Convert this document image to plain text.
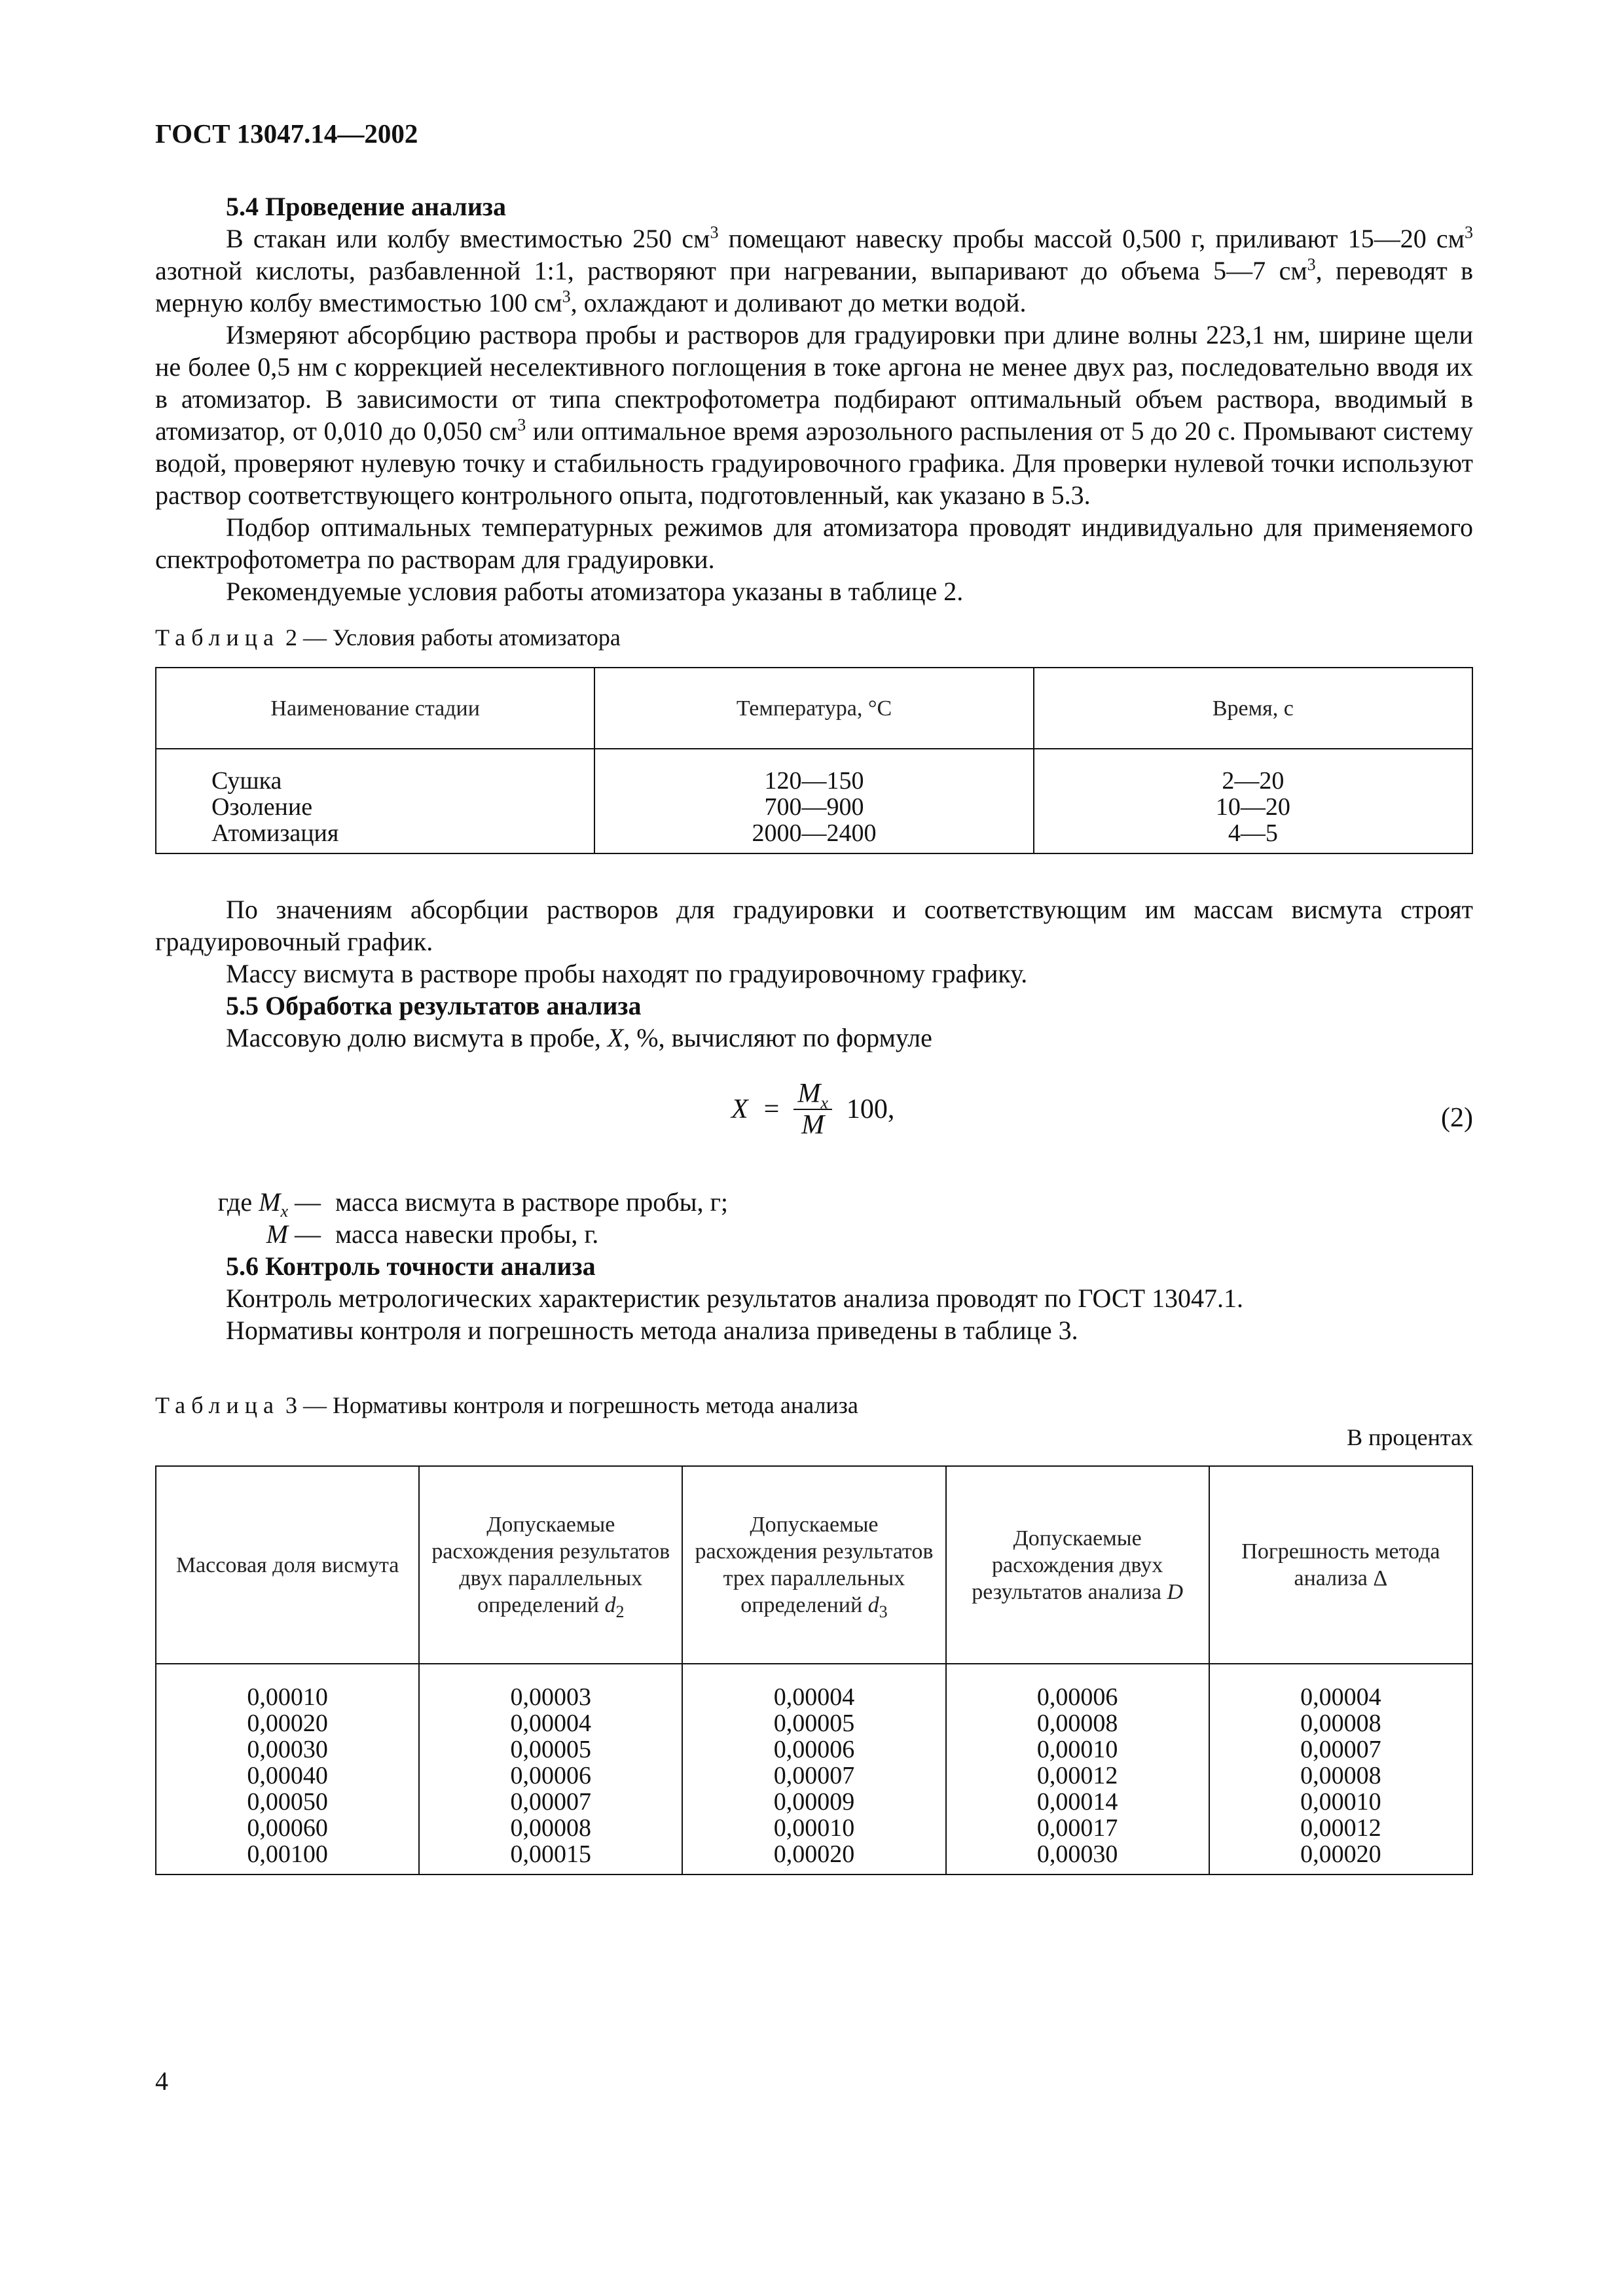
ГОСТ 13047.14—2002

5.4 Проведение анализа

В стакан или колбу вместимостью 250 $см^3$ помещают навеску пробы массой 0,500 г, приливают 15—20 $см^3$ азотной кислоты, разбавленной 1:1, растворяют при нагревании, выпаривают до объема 5—7 $см^3$, переводят в мерную колбу вместимостью 100 $см^3$, охлаждают и доливают до метки водой.

Измеряют абсорбцию раствора пробы и растворов для градуировки при длине волны 223,1 нм, ширине щели не более 0,5 нм с коррекцией неселективного поглощения в токе аргона не менее двух раз, последовательно вводя их в атомизатор. В зависимости от типа спектрофотометра подбирают оптимальный объем раствора, вводимый в атомизатор, от 0,010 до 0,050 $см^3$ или оптимальное время аэрозольного распыления от 5 до 20 с. Промывают систему водой, проверяют нулевую точку и стабильность градуировочного графика. Для проверки нулевой точки используют раствор соответствующего контрольного опыта, подготовленный, как указано в 5.3.

Подбор оптимальных температурных режимов для атомизатора проводят индивидуально для применяемого спектрофотометра по растворам для градуировки.

Рекомендуемые условия работы атомизатора указаны в таблице 2.

Таблица 2 — Условия работы атомизатора
Наименование стадии	Температура, °С	Время, с
Сушка	120—150	2—20
Озоление	700—900	10—20
Атомизация	2000—2400	4—5

По значениям абсорбции растворов для градуировки и соответствующим им массам висмута строят градуировочный график.

Массу висмута в растворе пробы находят по градуировочному графику.

5.5 Обработка результатов анализа

Массовую долю висмута в пробе, X, %, вычисляют по формуле

$X = \frac{M_x}{M} 100$,	(2)
где $M_x$ — масса висмута в растворе пробы, г;
M — масса навески пробы, г.

5.6 Контроль точности анализа

Контроль метрологических характеристик результатов анализа проводят по ГОСТ 13047.1.

Нормативы контроля и погрешность метода анализа приведены в таблице 3.

Таблица 3 — Нормативы контроля и погрешность метода анализа
В процентах
Массовая доля висмута	Допускаемые расхождения результатов двух параллельных определений $d_2$	Допускаемые расхождения результатов трех параллельных определений $d_3$	Допускаемые расхождения двух результатов анализа D	Погрешность метода анализа Δ
0,00010	0,00003	0,00004	0,00006	0,00004
0,00020	0,00004	0,00005	0,00008	0,00008
0,00030	0,00005	0,00006	0,00010	0,00007
0,00040	0,00006	0,00007	0,00012	0,00008
0,00050	0,00007	0,00009	0,00014	0,00010
0,00060	0,00008	0,00010	0,00017	0,00012
0,00100	0,00015	0,00020	0,00030	0,00020
4
